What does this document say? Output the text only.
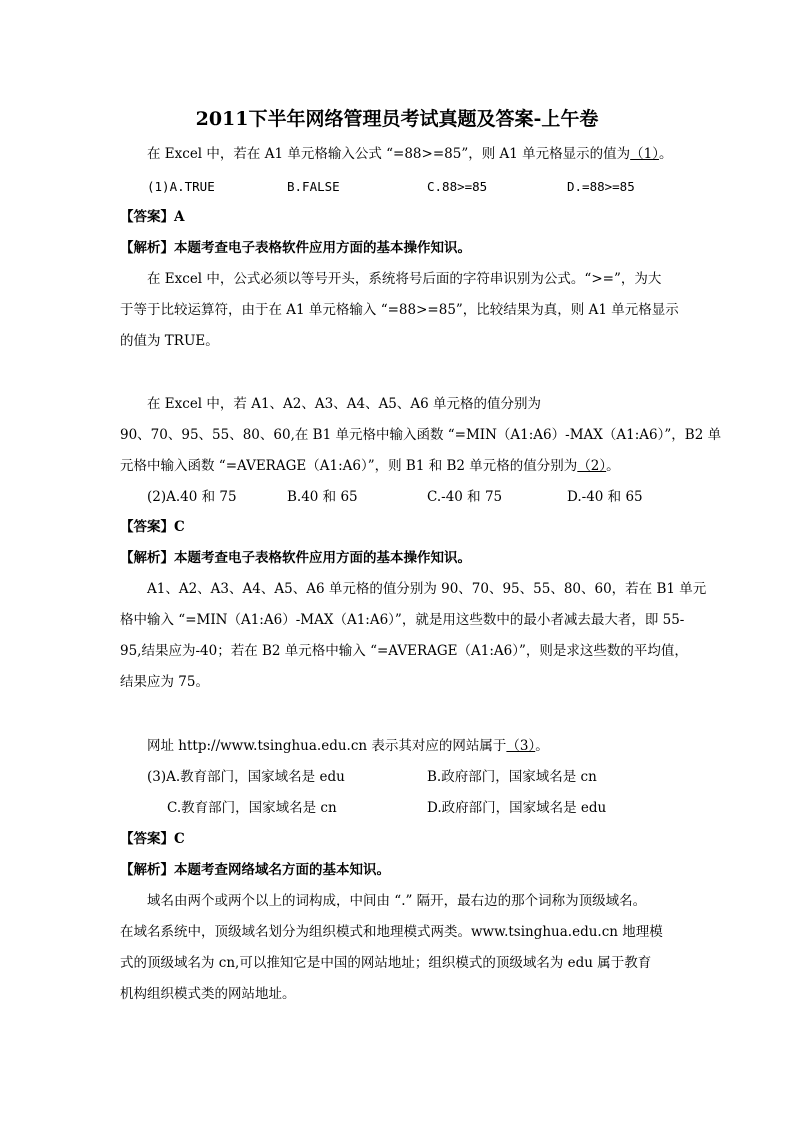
2011下半年网络管理员考试真题及答案-上午卷
在 Excel 中，若在 A1 单元格输入公式 “=88>=85”，则 A1 单元格显示的值为（1）。
(1)A.TRUE	B.FALSE	C.88>=85	D.=88>=85
【答案】A
【解析】本题考查电子表格软件应用方面的基本操作知识。
在 Excel 中，公式必须以等号开头，系统将号后面的字符串识别为公式。“>=”，为大
于等于比较运算符，由于在 A1 单元格输入 “=88>=85”，比较结果为真，则 A1 单元格显示
的值为 TRUE。
在 Excel 中，若 A1、A2、A3、A4、A5、A6 单元格的值分别为
90、70、95、55、80、60,在 B1 单元格中输入函数 “=MIN（A1:A6）-MAX（A1:A6）”，B2 单
元格中输入函数 “=AVERAGE（A1:A6）”，则 B1 和 B2 单元格的值分别为（2）。
(2)A.40 和 75	B.40 和 65	C.-40 和 75	D.-40 和 65
【答案】C
【解析】本题考查电子表格软件应用方面的基本操作知识。
A1、A2、A3、A4、A5、A6 单元格的值分别为 90、70、95、55、80、60，若在 B1 单元
格中输入 “=MIN（A1:A6）-MAX（A1:A6）”，就是用这些数中的最小者减去最大者，即 55-
95,结果应为-40；若在 B2 单元格中输入 “=AVERAGE（A1:A6）”，则是求这些数的平均值，
结果应为 75。
网址 http://www.tsinghua.edu.cn 表示其对应的网站属于（3）。
(3)A.教育部门，国家域名是 edu	B.政府部门，国家域名是 cn
C.教育部门，国家域名是 cn	D.政府部门，国家域名是 edu
【答案】C
【解析】本题考查网络域名方面的基本知识。
域名由两个或两个以上的词构成，中间由 “.” 隔开，最右边的那个词称为顶级域名。
在域名系统中，顶级域名划分为组织模式和地理模式两类。www.tsinghua.edu.cn 地理模
式的顶级域名为 cn,可以推知它是中国的网站地址；组织模式的顶级域名为 edu 属于教育
机构组织模式类的网站地址。
